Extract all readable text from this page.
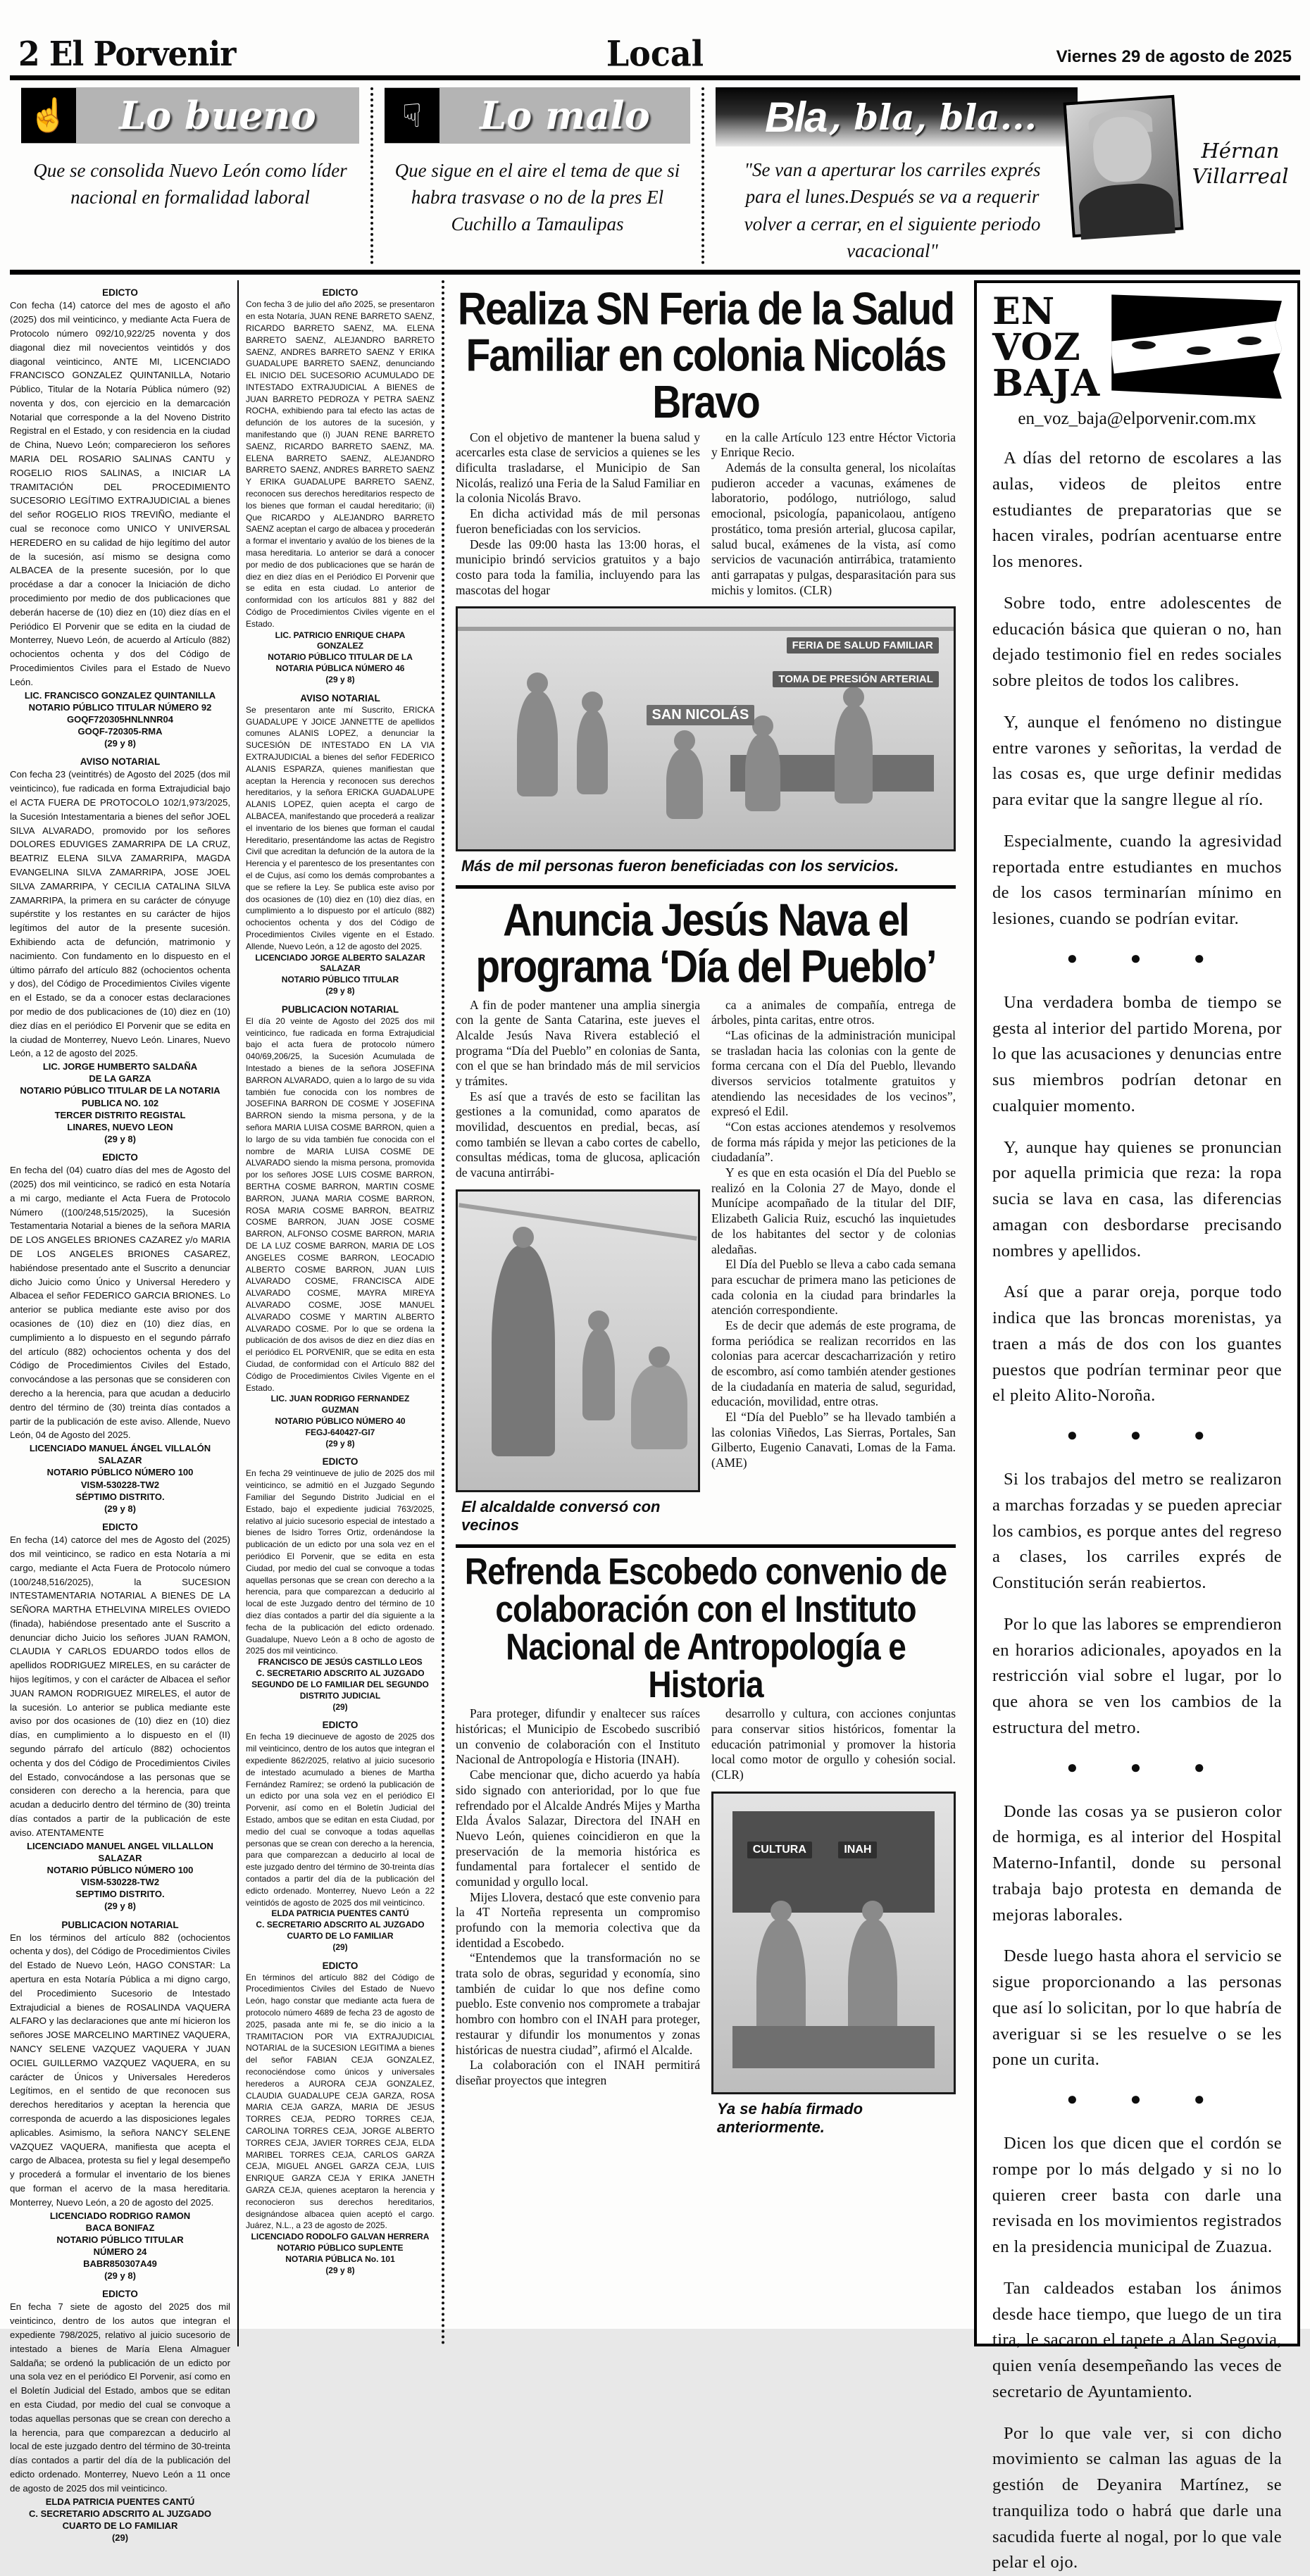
2 El Porvenir	Local	Viernes 29 de agosto de 2025
☝	Lo bueno
Que se consolida Nuevo León como líder nacional en formalidad laboral
☟	Lo malo
Que sigue en el aire el tema de que si habra trasvase o no de la pres El Cuchillo a Tamaulipas
Bla , bla, bla...
"Se van a aperturar los carriles exprés para el lunes.Después se va a requerir volver a cerrar, en el siguiente periodo vacacional"
Hérnan Villarreal
EDICTO
Con fecha (14) catorce del mes de agosto el año (2025) dos mil veinticinco, y mediante Acta Fuera de Protocolo número 092/10,922/25 noventa y dos diagonal diez mil novecientos veintidós y dos diagonal veinticinco, ANTE MI, LICENCIADO FRANCISCO GONZALEZ QUINTANILLA, Notario Público, Titular de la Notaría Pública número (92) noventa y dos, con ejercicio en la demarcación Notarial que corresponde a la del Noveno Distrito Registral en el Estado, y con residencia en la ciudad de China, Nuevo León; comparecieron los señores MARIA DEL ROSARIO SALINAS CANTU y ROGELIO RIOS SALINAS, a INICIAR LA TRAMITACIÓN DEL PROCEDIMIENTO SUCESORIO LEGÍTIMO EXTRAJUDICIAL a bienes del señor ROGELIO RIOS TREVIÑO, mediante el cual se reconoce como UNICO Y UNIVERSAL HEREDERO en su calidad de hijo legítimo del autor de la sucesión, así mismo se designa como ALBACEA de la presente sucesión, por lo que procédase a dar a conocer la Iniciación de dicho procedimiento por medio de dos publicaciones que deberán hacerse de (10) diez en (10) diez días en el Periódico El Porvenir que se edita en la ciudad de Monterrey, Nuevo León, de acuerdo al Artículo (882) ochocientos ochenta y dos del Código de Procedimientos Civiles para el Estado de Nuevo León.
LIC. FRANCISCO GONZALEZ QUINTANILLA
NOTARIO PÚBLICO TITULAR NÚMERO 92
GOQF720305HNLNNR04
GOQF-720305-RMA
(29 y 8)
AVISO NOTARIAL
Con fecha 23 (veintitrés) de Agosto del 2025 (dos mil veinticinco), fue radicada en forma Extrajudicial bajo el ACTA FUERA DE PROTOCOLO 102/1,973/2025, la Sucesión Intestamentaria a bienes del señor JOEL SILVA ALVARADO, promovido por los señores DOLORES EDUVIGES ZAMARRIPA DE LA CRUZ, BEATRIZ ELENA SILVA ZAMARRIPA, MAGDA EVANGELINA SILVA ZAMARRIPA, JOSE JOEL SILVA ZAMARRIPA, Y CECILIA CATALINA SILVA ZAMARRIPA, la primera en su carácter de cónyuge supérstite y los restantes en su carácter de hijos legítimos del autor de la presente sucesión. Exhibiendo acta de defunción, matrimonio y nacimiento. Con fundamento en lo dispuesto en el último párrafo del artículo 882 (ochocientos ochenta y dos), del Código de Procedimientos Civiles vigente en el Estado, se da a conocer estas declaraciones por medio de dos publicaciones de (10) diez en (10) diez días en el periódico El Porvenir que se edita en la ciudad de Monterrey, Nuevo León. Linares, Nuevo León, a 12 de agosto del 2025.
LIC. JORGE HUMBERTO SALDAÑA
DE LA GARZA
NOTARIO PÚBLICO TITULAR DE LA NOTARIA PUBLICA NO. 102
TERCER DISTRITO REGISTAL
LINARES, NUEVO LEON
(29 y 8)
EDICTO
En fecha del (04) cuatro días del mes de Agosto del (2025) dos mil veinticinco, se radicó en esta Notaría a mi cargo, mediante el Acta Fuera de Protocolo Número ((100/248,515/2025), la Sucesión Testamentaria Notarial a bienes de la señora MARIA DE LOS ANGELES BRIONES CAZAREZ y/o MARIA DE LOS ANGELES BRIONES CASAREZ, habiéndose presentado ante el Suscrito a denunciar dicho Juicio como Único y Universal Heredero y Albacea el señor FEDERICO GARCIA BRIONES. Lo anterior se publica mediante este aviso por dos ocasiones de (10) diez en (10) diez días, en cumplimiento a lo dispuesto en el segundo párrafo del artículo (882) ochocientos ochenta y dos del Código de Procedimientos Civiles del Estado, convocándose a las personas que se consideren con derecho a la herencia, para que acudan a deducirlo dentro del término de (30) treinta días contados a partir de la publicación de este aviso. Allende, Nuevo León, 04 de Agosto del 2025.
LICENCIADO MANUEL ÁNGEL VILLALÓN
SALAZAR
NOTARIO PÚBLICO NÚMERO 100
VISM-530228-TW2
SÉPTIMO DISTRITO.
(29 y 8)
EDICTO
En fecha (14) catorce del mes de Agosto del (2025) dos mil veinticinco, se radico en esta Notaría a mi cargo, mediante el Acta Fuera de Protocolo número (100/248,516/2025), la SUCESION INTESTAMENTARIA NOTARIAL A BIENES DE LA SEÑORA MARTHA ETHELVINA MIRELES OVIEDO (finada), habiéndose presentado ante el Suscrito a denunciar dicho Juicio los señores JUAN RAMON, CLAUDIA Y CARLOS EDUARDO todos ellos de apellidos RODRIGUEZ MIRELES, en su carácter de hijos legítimos, y con el carácter de Albacea el señor JUAN RAMON RODRIGUEZ MIRELES, el autor de la sucesión. Lo anterior se publica mediante este aviso por dos ocasiones de (10) diez en (10) diez días, en cumplimiento a lo dispuesto en el (II) segundo párrafo del artículo (882) ochocientos ochenta y dos del Código de Procedimientos Civiles del Estado, convocándose a las personas que se consideren con derecho a la herencia, para que acudan a deducirlo dentro del término de (30) treinta días contados a partir de la publicación de este aviso. ATENTAMENTE
LICENCIADO MANUEL ANGEL VILLALLON
SALAZAR
NOTARIO PÚBLICO NÚMERO 100
VISM-530228-TW2
SEPTIMO DISTRITO.
(29 y 8)
PUBLICACION NOTARIAL
En los términos del artículo 882 (ochocientos ochenta y dos), del Código de Procedimientos Civiles del Estado de Nuevo León, HAGO CONSTAR: La apertura en esta Notaría Pública a mi digno cargo, del Procedimiento Sucesorio de Intestado Extrajudicial a bienes de ROSALINDA VAQUERA ALFARO y las declaraciones que ante mí hicieron los señores JOSE MARCELINO MARTINEZ VAQUERA, NANCY SELENE VAZQUEZ VAQUERA Y JUAN OCIEL GUILLERMO VAZQUEZ VAQUERA, en su carácter de Únicos y Universales Herederos Legítimos, en el sentido de que reconocen sus derechos hereditarios y aceptan la herencia que corresponda de acuerdo a las disposiciones legales aplicables. Asimismo, la señora NANCY SELENE VAZQUEZ VAQUERA, manifiesta que acepta el cargo de Albacea, protesta su fiel y legal desempeño y procederá a formular el inventario de los bienes que forman el acervo de la masa hereditaria. Monterrey, Nuevo León, a 20 de agosto del 2025.
LICENCIADO RODRIGO RAMON
BACA BONIFAZ
NOTARIO PÚBLICO TITULAR
NÚMERO 24
BABR850307A49
(29 y 8)
EDICTO
En fecha 7 siete de agosto del 2025 dos mil veinticinco, dentro de los autos que integran el expediente 798/2025, relativo al juicio sucesorio de intestado a bienes de María Elena Almaguer Saldaña; se ordenó la publicación de un edicto por una sola vez en el periódico El Porvenir, así como en el Boletín Judicial del Estado, ambos que se editan en esta Ciudad, por medio del cual se convoque a todas aquellas personas que se crean con derecho a la herencia, para que comparezcan a deducirlo al local de este juzgado dentro del término de 30-treinta días contados a partir del día de la publicación del edicto ordenado. Monterrey, Nuevo León a 11 once de agosto de 2025 dos mil veinticinco.
ELDA PATRICIA PUENTES CANTÚ
C. SECRETARIO ADSCRITO AL JUZGADO
CUARTO DE LO FAMILIAR
(29)
EDICTO
Con fecha 3 de julio del año 2025, se presentaron en esta Notaría, JUAN RENE BARRETO SAENZ, RICARDO BARRETO SAENZ, MA. ELENA BARRETO SAENZ, ALEJANDRO BARRETO SAENZ, ANDRES BARRETO SAENZ Y ERIKA GUADALUPE BARRETO SAENZ, denunciando EL INICIO DEL SUCESORIO ACUMULADO DE INTESTADO EXTRAJUDICIAL A BIENES de JUAN BARRETO PEDROZA Y PETRA SAENZ ROCHA, exhibiendo para tal efecto las actas de defunción de los autores de la sucesión, y manifestando que (i) JUAN RENE BARRETO SAENZ, RICARDO BARRETO SAENZ, MA. ELENA BARRETO SAENZ, ALEJANDRO BARRETO SAENZ, ANDRES BARRETO SAENZ Y ERIKA GUADALUPE BARRETO SAENZ, reconocen sus derechos hereditarios respecto de los bienes que forman el caudal hereditario; (ii) Que RICARDO y ALEJANDRO BARRETO SAENZ aceptan el cargo de albacea y procederán a formar el inventario y avalúo de los bienes de la masa hereditaria. Lo anterior se dará a conocer por medio de dos publicaciones que se harán de diez en diez días en el Periódico El Porvenir que se edita en esta ciudad. Lo anterior de conformidad con los artículos 881 y 882 del Código de Procedimientos Civiles vigente en el Estado.
LIC. PATRICIO ENRIQUE CHAPA
GONZALEZ
NOTARIO PÚBLICO TITULAR DE LA
NOTARIA PÚBLICA NÚMERO 46
(29 y 8)
AVISO NOTARIAL
Se presentaron ante mí Suscrito, ERICKA GUADALUPE Y JOICE JANNETTE de apellidos comunes ALANIS LOPEZ, a denunciar la SUCESIÓN DE INTESTADO EN LA VIA EXTRAJUDICIAL a bienes del señor FEDERICO ALANIS ESPARZA, quienes manifiestan que aceptan la Herencia y reconocen sus derechos hereditarios, y la señora ERICKA GUADALUPE ALANIS LOPEZ, quien acepta el cargo de ALBACEA, manifestando que procederá a realizar el inventario de los bienes que forman el caudal Hereditario, presentándome las actas de Registro Civil que acreditan la defunción de la autora de la Herencia y el parentesco de los presentantes con el de Cujus, así como los demás comprobantes a que se refiere la Ley. Se publica este aviso por dos ocasiones de (10) diez en (10) diez días, en cumplimiento a lo dispuesto por el artículo (882) ochocientos ochenta y dos del Código de Procedimientos Civiles vigente en el Estado. Allende, Nuevo León, a 12 de agosto del 2025.
LICENCIADO JORGE ALBERTO SALAZAR
SALAZAR
NOTARIO PÚBLICO TITULAR
(29 y 8)
PUBLICACION NOTARIAL
El día 20 veinte de Agosto del 2025 dos mil veinticinco, fue radicada en forma Extrajudicial bajo el acta fuera de protocolo número 040/69,206/25, la Sucesión Acumulada de Intestado a bienes de la señora JOSEFINA BARRON ALVARADO, quien a lo largo de su vida también fue conocida con los nombres de JOSEFINA BARRON DE COSME Y JOSEFINA BARRON siendo la misma persona, y de la señora MARIA LUISA COSME BARRON, quien a lo largo de su vida también fue conocida con el nombre de MARIA LUISA COSME DE ALVARADO siendo la misma persona, promovida por los señores JOSE LUIS COSME BARRON, BERTHA COSME BARRON, MARTIN COSME BARRON, JUANA MARIA COSME BARRON, ROSA MARIA COSME BARRON, BEATRIZ COSME BARRON, JUAN JOSE COSME BARRON, ALFONSO COSME BARRON, MARIA DE LA LUZ COSME BARRON, MARIA DE LOS ANGELES COSME BARRON, LEOCADIO ALBERTO COSME BARRON, JUAN LUIS ALVARADO COSME, FRANCISCA AIDE ALVARADO COSME, MAYRA MIREYA ALVARADO COSME, JOSE MANUEL ALVARADO COSME Y MARTIN ALBERTO ALVARADO COSME. Por lo que se ordena la publicación de dos avisos de diez en diez días en el periódico EL PORVENIR, que se edita en esta Ciudad, de conformidad con el Artículo 882 del Código de Procedimientos Civiles Vigente en el Estado.
LIC. JUAN RODRIGO FERNANDEZ
GUZMAN
NOTARIO PÚBLICO NÚMERO 40
FEGJ-640427-GI7
(29 y 8)
EDICTO
En fecha 29 veintinueve de julio de 2025 dos mil veinticinco, se admitió en el Juzgado Segundo Familiar del Segundo Distrito Judicial en el Estado, bajo el expediente judicial 763/2025, relativo al juicio sucesorio especial de intestado a bienes de Isidro Torres Ortiz, ordenándose la publicación de un edicto por una sola vez en el periódico El Porvenir, que se edita en esta Ciudad, por medio del cual se convoque a todas aquellas personas que se crean con derecho a la herencia, para que comparezcan a deducirlo al local de este Juzgado dentro del término de 10 diez días contados a partir del día siguiente a la fecha de la publicación del edicto ordenado. Guadalupe, Nuevo León a 8 ocho de agosto de 2025 dos mil veinticinco.
FRANCISCO DE JESÚS CASTILLO LEOS
C. SECRETARIO ADSCRITO AL JUZGADO
SEGUNDO DE LO FAMILIAR DEL SEGUNDO
DISTRITO JUDICIAL
(29)
EDICTO
En fecha 19 diecinueve de agosto de 2025 dos mil veinticinco, dentro de los autos que integran el expediente 862/2025, relativo al juicio sucesorio de intestado acumulado a bienes de Martha Fernández Ramírez; se ordenó la publicación de un edicto por una sola vez en el periódico El Porvenir, así como en el Boletín Judicial del Estado, ambos que se editan en esta Ciudad, por medio del cual se convoque a todas aquellas personas que se crean con derecho a la herencia, para que comparezcan a deducirlo al local de este juzgado dentro del término de 30-treinta días contados a partir del día de la publicación del edicto ordenado. Monterrey, Nuevo León a 22 veintidós de agosto de 2025 dos mil veinticinco.
ELDA PATRICIA PUENTES CANTÚ
C. SECRETARIO ADSCRITO AL JUZGADO
CUARTO DE LO FAMILIAR
(29)
EDICTO
En términos del artículo 882 del Código de Procedimientos Civiles del Estado de Nuevo León, hago constar que mediante acta fuera de protocolo número 4689 de fecha 23 de agosto de 2025, pasada ante mi fe, se dio inicio a la TRAMITACION POR VIA EXTRAJUDICIAL NOTARIAL de la SUCESION LEGITIMA a bienes del señor FABIAN CEJA GONZALEZ, reconociéndose como únicos y universales herederos a AURORA CEJA GONZALEZ, CLAUDIA GUADALUPE CEJA GARZA, ROSA MARIA CEJA GARZA, MARIA DE JESUS TORRES CEJA, PEDRO TORRES CEJA, CAROLINA TORRES CEJA, JORGE ALBERTO TORRES CEJA, JAVIER TORRES CEJA, ELDA MARIBEL TORRES CEJA, CARLOS GARZA CEJA, MIGUEL ANGEL GARZA CEJA, LUIS ENRIQUE GARZA CEJA Y ERIKA JANETH GARZA CEJA, quienes aceptaron la herencia y reconocieron sus derechos hereditarios, designándose albacea quien aceptó el cargo. Juárez, N.L., a 23 de agosto de 2025.
LICENCIADO RODOLFO GALVAN HERRERA
NOTARIO PÚBLICO SUPLENTE
NOTARIA PÚBLICA No. 101
(29 y 8)
Realiza SN Feria de la Salud Familiar en colonia Nicolás Bravo
Con el objetivo de mantener la buena salud y acercarles esta clase de servicios a quienes se les dificulta trasladarse, el Municipio de San Nicolás, realizó una Feria de la Salud Familiar en la colonia Nicolás Bravo.
En dicha actividad más de mil personas fueron beneficiadas con los servicios.
Desde las 09:00 hasta las 13:00 horas, el municipio brindó servicios gratuitos y a bajo costo para toda la familia, incluyendo para las mascotas del hogar
en la calle Artículo 123 entre Héctor Victoria y Enrique Recio.
Además de la consulta general, los nicolaítas pudieron acceder a vacunas, exámenes de laboratorio, podólogo, nutriólogo, salud emocional, psicología, papanicolaou, antígeno prostático, toma presión arterial, glucosa capilar, salud bucal, exámenes de la vista, así como servicios de vacunación antirrábica, tratamiento anti garrapatas y pulgas, desparasitación para sus michis y lomitos. (CLR)
SAN NICOLÁS
FERIA DE SALUD FAMILIAR
TOMA DE PRESIÓN ARTERIAL
Más de mil personas fueron beneficiadas con los servicios.
Anuncia Jesús Nava el programa ‘Día del Pueblo’
A fin de poder mantener una amplia sinergia con la gente de Santa Catarina, este jueves el Alcalde Jesús Nava Rivera estableció el programa “Día del Pueblo” en colonias de Santa, con el que se han brindado más de mil servicios y trámites.
Es así que a través de esto se facilitan las gestiones a la comunidad, como aparatos de movilidad, descuentos en predial, becas, así como también se llevan a cabo cortes de cabello, consultas médicas, toma de glucosa, aplicación de vacuna antirrábi-
El alcaldalde conversó con vecinos
ca a animales de compañía, entrega de árboles, pinta caritas, entre otros.
“Las oficinas de la administración municipal se trasladan hacia las colonias con la gente de forma cercana con el Día del Pueblo, llevando diversos servicios totalmente gratuitos y atendiendo las necesidades de los vecinos”, expresó el Edil.
“Con estas acciones atendemos y resolvemos de forma más rápida y mejor las peticiones de la ciudadanía”.
Y es que en esta ocasión el Día del Pueblo se realizó en la Colonia 27 de Mayo, donde el Munícipe acompañado de la titular del DIF, Elizabeth Galicia Ruiz, escuchó las inquietudes de los habitantes del sector y de colonias aledañas.
El Día del Pueblo se lleva a cabo cada semana para escuchar de primera mano las peticiones de cada colonia en la ciudad para brindarles la atención correspondiente.
Es de decir que además de este programa, de forma periódica se realizan recorridos en las colonias para acercar descacharrización y retiro de escombro, así como también atender gestiones de la ciudadanía en materia de salud, seguridad, educación, movilidad, entre otras.
El “Día del Pueblo” se ha llevado también a las colonias Viñedos, Las Sierras, Portales, San Gilberto, Eugenio Canavati, Lomas de la Fama. (AME)
Refrenda Escobedo convenio de colaboración con el Instituto Nacional de Antropología e Historia
Para proteger, difundir y enaltecer sus raíces históricas; el Municipio de Escobedo suscribió un convenio de colaboración con el Instituto Nacional de Antropología e Historia (INAH).
Cabe mencionar que, dicho acuerdo ya había sido signado con anterioridad, por lo que fue refrendado por el Alcalde Andrés Mijes y Martha Elda Ávalos Salazar, Directora del INAH en Nuevo León, quienes coincidieron en que la preservación de la memoria histórica es fundamental para fortalecer el sentido de comunidad y orgullo local.
Mijes Llovera, destacó que este convenio para la 4T Norteña representa un compromiso profundo con la memoria colectiva que da identidad a Escobedo.
“Entendemos que la transformación no se trata solo de obras, seguridad y economía, sino también de cuidar lo que nos define como pueblo. Este convenio nos compromete a trabajar hombro con hombro con el INAH para proteger, restaurar y difundir los monumentos y zonas históricas de nuestra ciudad”, afirmó el Alcalde.
La colaboración con el INAH permitirá diseñar proyectos que integren
desarrollo y cultura, con acciones conjuntas para conservar sitios históricos, fomentar la educación patrimonial y promover la historia local como motor de orgullo y cohesión social.(CLR)
CULTURA	INAH
Ya se había firmado anteriormente.
EN
VOZ
BAJA
en_voz_baja@elporvenir.com.mx
A días del retorno de escolares a las aulas, videos de pleitos entre estudiantes de preparatorias que se hacen virales, podrían acentuarse entre los menores.
Sobre todo, entre adolescentes de educación básica que quieran o no, han dejado testimonio fiel en redes sociales sobre pleitos de todos los calibres.
Y, aunque el fenómeno no distingue entre varones y señoritas, la verdad de las cosas es, que urge definir medidas para evitar que la sangre llegue al río.
Especialmente, cuando la agresividad reportada entre estudiantes en muchos de los casos terminarían mínimo en lesiones, cuando se podrían evitar.
● ● ●
Una verdadera bomba de tiempo se gesta al interior del partido Morena, por lo que las acusaciones y denuncias entre sus miembros podrían detonar en cualquier momento.
Y, aunque hay quienes se pronuncian por aquella primicia que reza: la ropa sucia se lava en casa, las diferencias amagan con desbordarse precisando nombres y apellidos.
Así que a parar oreja, porque todo indica que las broncas morenistas, ya traen a más de dos con los guantes puestos que podrían terminar peor que el pleito Alito-Noroña.
● ● ●
Si los trabajos del metro se realizaron a marchas forzadas y se pueden apreciar los cambios, es porque antes del regreso a clases, los carriles exprés de Constitución serán reabiertos.
Por lo que las labores se emprendieron en horarios adicionales, apoyados en la restricción vial sobre el lugar, por lo que ahora se ven los cambios de la estructura del metro.
● ● ●
Donde las cosas ya se pusieron color de hormiga, es al interior del Hospital Materno-Infantil, donde su personal trabaja bajo protesta en demanda de mejoras laborales.
Desde luego hasta ahora el servicio se sigue proporcionando a las personas que así lo solicitan, por lo que habría de averiguar si se les resuelve o se les pone un curita.
● ● ●
Dicen los que dicen que el cordón se rompe por lo más delgado y si no lo quieren creer basta con darle una revisada en los movimientos registrados en la presidencia municipal de Zuazua.
Tan caldeados estaban los ánimos desde hace tiempo, que luego de un tira tira, le sacaron el tapete a Alan Segovia, quien venía desempeñando las veces de secretario de Ayuntamiento.
Por lo que vale ver, si con dicho movimiento se calman las aguas de la gestión de Deyanira Martínez, se tranquiliza todo o habrá que darle una sacudida fuerte al nogal, por lo que vale pelar el ojo.
